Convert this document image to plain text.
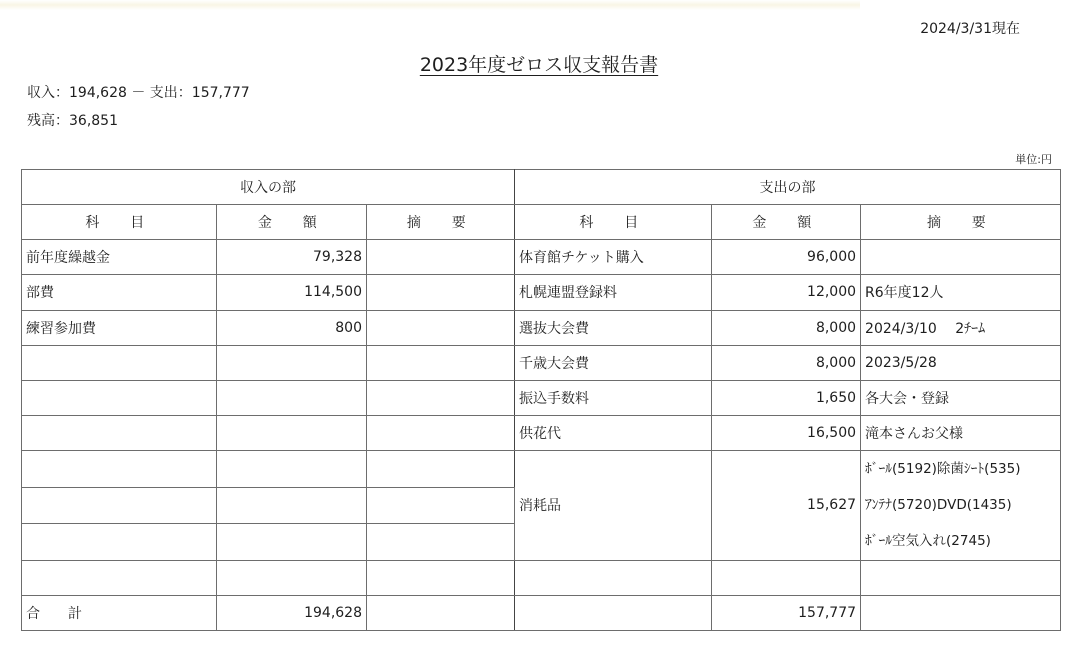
2024/3/31現在
2023年度ゼロス収支報告書
収入：194,628 － 支出：157,777
残高：36,851
単位:円
収入の部			支出の部		
科　目	金　額	摘　要	科　目	金　額	摘　要
前年度繰越金	79,328		体育館チケット購入	96,000	
部費	114,500		札幌連盟登録料	12,000	R6年度12人
練習参加費	800		選抜大会費	8,000	2024/3/10　 2ﾁｰﾑ
			千歳大会費	8,000	2023/5/28
			振込手数料	1,650	各大会・登録
			供花代	16,500	滝本さんお父様
			消耗品	15,627	ﾎﾞｰﾙ(5192)除菌ｼｰﾄ(535)
ｱﾝﾃﾅ(5720)DVD(1435)
ﾎﾞｰﾙ空気入れ(2745)

合　計	194,628			157,777	
